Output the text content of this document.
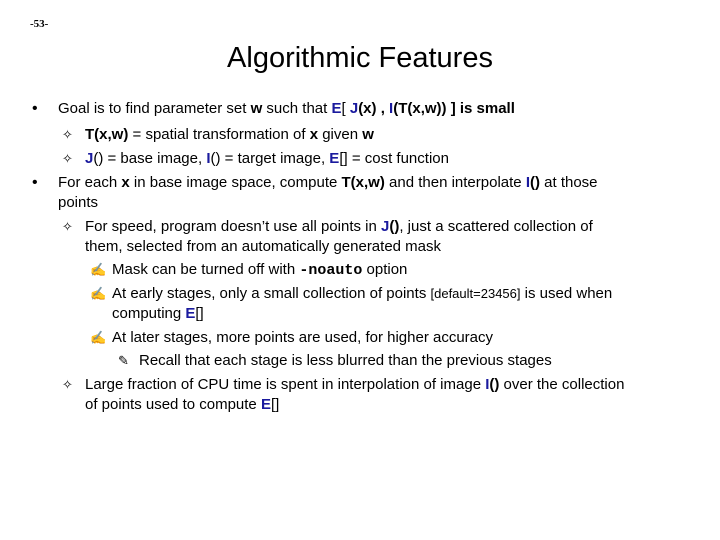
-53-
Algorithmic Features
• Goal is to find parameter set w such that E[ J(x) , I(T(x,w)) ] is small
✧ T(x,w) = spatial transformation of x given w
✧ J() = base image, I() = target image, E[] = cost function
• For each x in base image space, compute T(x,w) and then interpolate I() at those
points
✧ For speed, program doesn’t use all points in J(), just a scattered collection of
them, selected from an automatically generated mask
✍ Mask can be turned off with -noauto option
✍ At early stages, only a small collection of points [default=23456] is used when
computing E[]
✍ At later stages, more points are used, for higher accuracy
✎ Recall that each stage is less blurred than the previous stages
✧ Large fraction of CPU time is spent in interpolation of image I() over the collection
of points used to compute E[]
